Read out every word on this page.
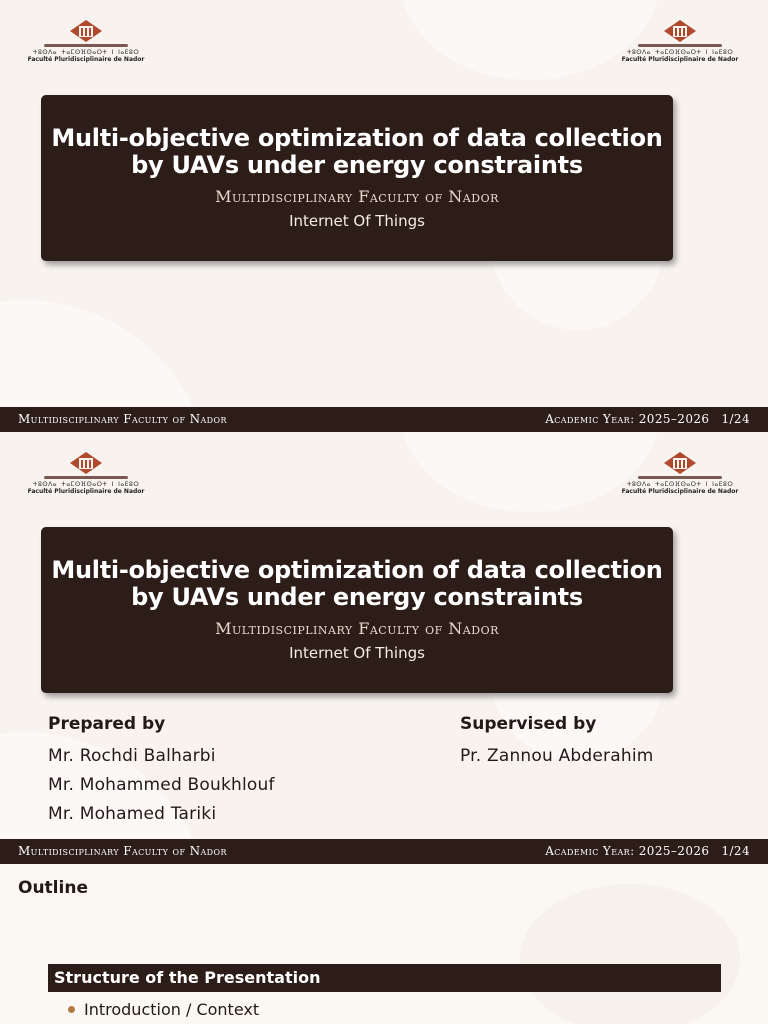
ⵜⵓⵙⴷⴰ ⵜⴰⵎⵙⴼⵙⴰⵔⵜ ⵏ ⵏⴰⴹⵓⵔ
Faculté Pluridisciplinaire de Nador
ⵜⵓⵙⴷⴰ ⵜⴰⵎⵙⴼⵙⴰⵔⵜ ⵏ ⵏⴰⴹⵓⵔ
Faculté Pluridisciplinaire de Nador
Multi-objective optimization of data collection by UAVs under energy constraints
Multidisciplinary Faculty of Nador
Internet Of Things
Multidisciplinary Faculty of Nador	Academic Year: 2025–2026 1/24
ⵜⵓⵙⴷⴰ ⵜⴰⵎⵙⴼⵙⴰⵔⵜ ⵏ ⵏⴰⴹⵓⵔ
Faculté Pluridisciplinaire de Nador
ⵜⵓⵙⴷⴰ ⵜⴰⵎⵙⴼⵙⴰⵔⵜ ⵏ ⵏⴰⴹⵓⵔ
Faculté Pluridisciplinaire de Nador
Multi-objective optimization of data collection by UAVs under energy constraints
Multidisciplinary Faculty of Nador
Internet Of Things
Prepared by
Mr. Rochdi Balharbi
Mr. Mohammed Boukhlouf
Mr. Mohamed Tariki
Supervised by
Pr. Zannou Abderahim
Multidisciplinary Faculty of Nador	Academic Year: 2025–2026 1/24
Outline
Structure of the Presentation
Introduction / Context
